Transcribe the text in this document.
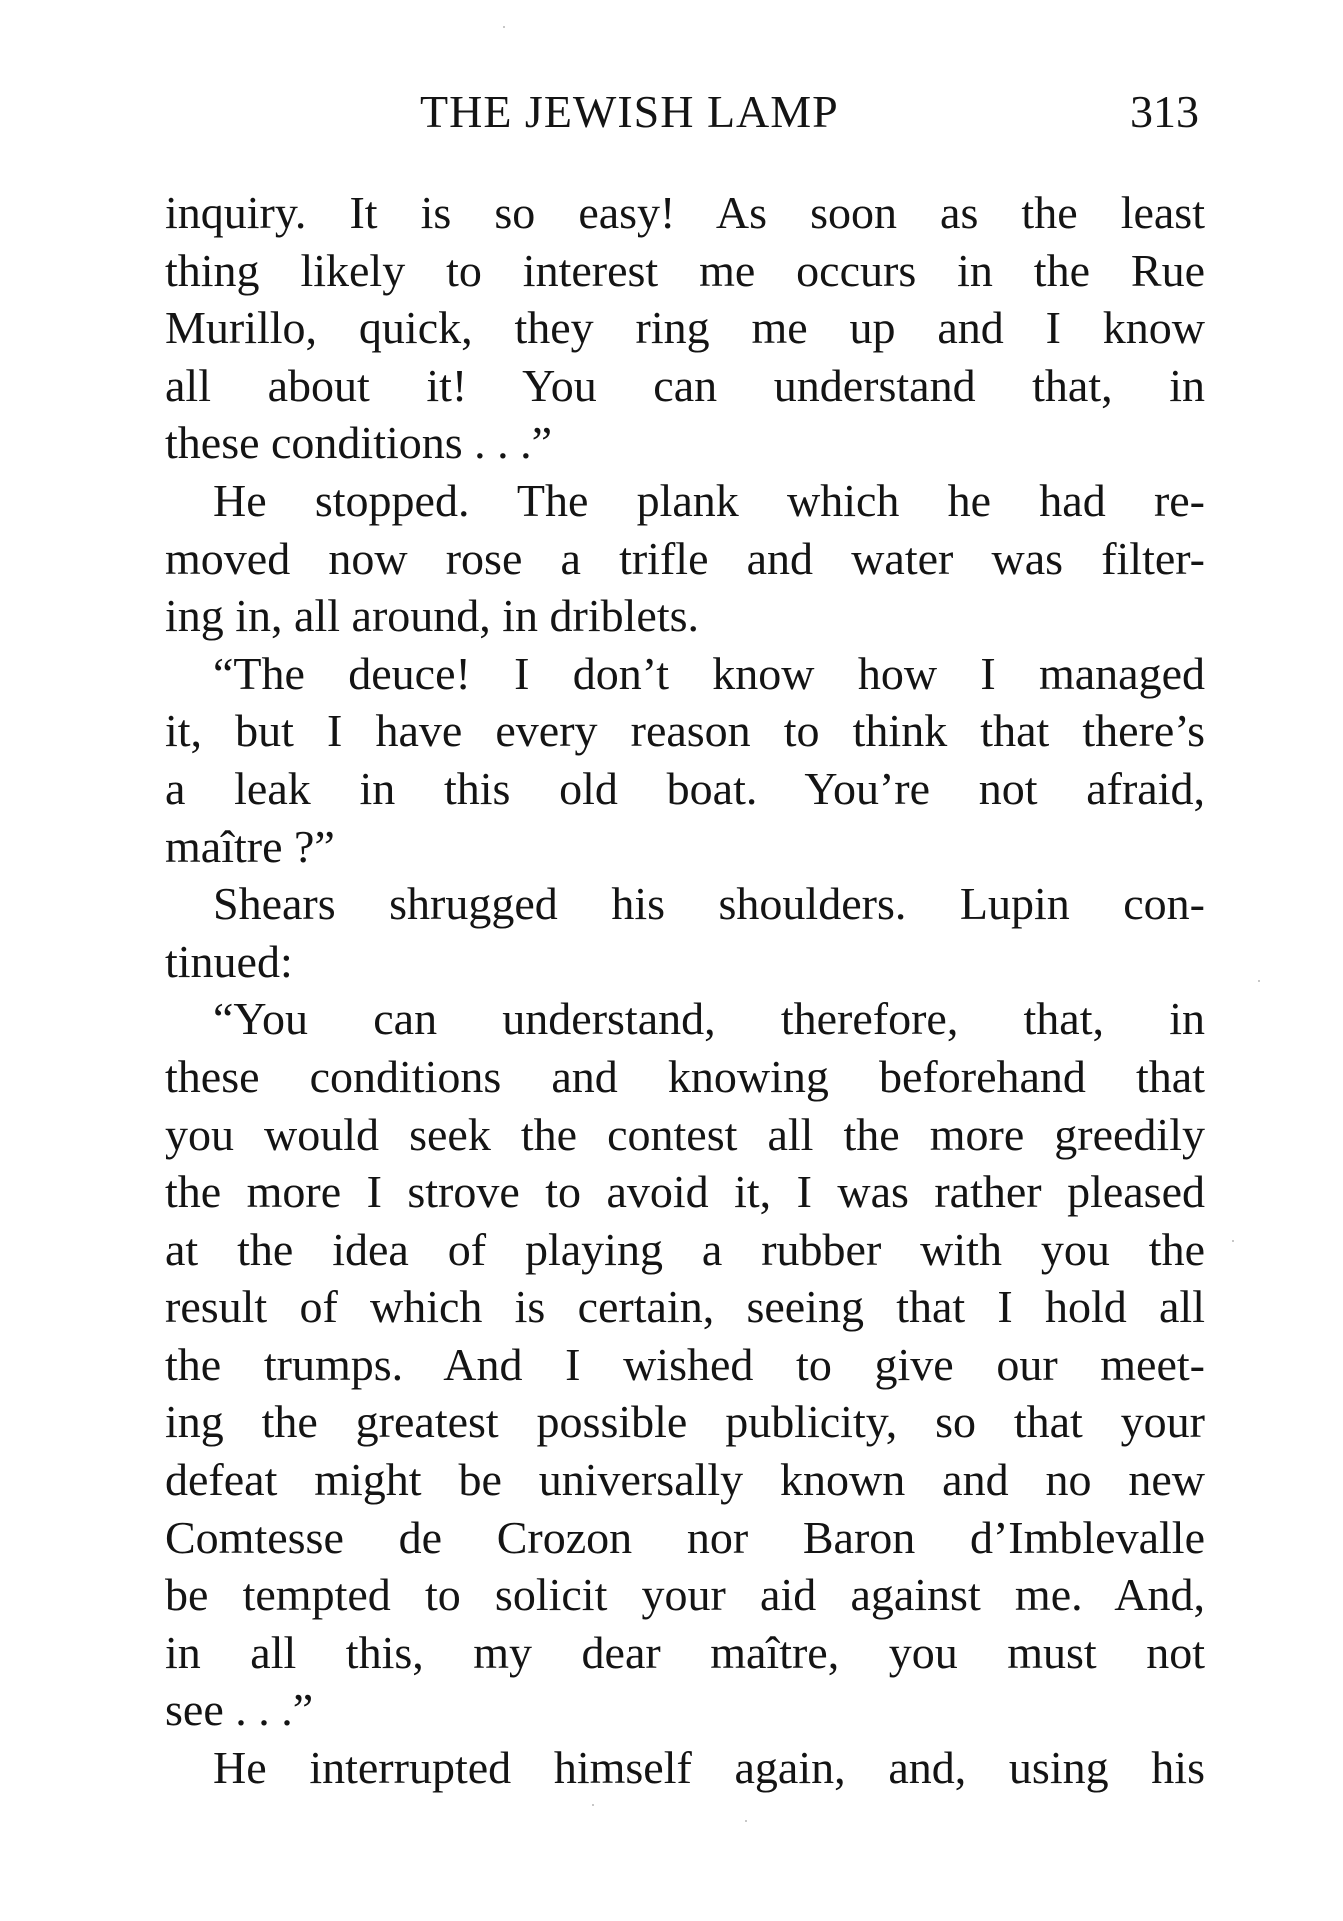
THE JEWISH LAMP	313
inquiry. It is so easy! As soon as the least
thing likely to interest me occurs in the Rue
Murillo, quick, they ring me up and I know
all about it! You can understand that, in
these conditions . . .”
He stopped. The plank which he had re-
moved now rose a trifle and water was filter-
ing in, all around, in driblets.
“The deuce! I don’t know how I managed
it, but I have every reason to think that there’s
a leak in this old boat. You’re not afraid,
maître ?”
Shears shrugged his shoulders. Lupin con-
tinued:
“You can understand, therefore, that, in
these conditions and knowing beforehand that
you would seek the contest all the more greedily
the more I strove to avoid it, I was rather pleased
at the idea of playing a rubber with you the
result of which is certain, seeing that I hold all
the trumps. And I wished to give our meet-
ing the greatest possible publicity, so that your
defeat might be universally known and no new
Comtesse de Crozon nor Baron d’Imblevalle
be tempted to solicit your aid against me. And,
in all this, my dear maître, you must not
see . . .”
He interrupted himself again, and, using his
